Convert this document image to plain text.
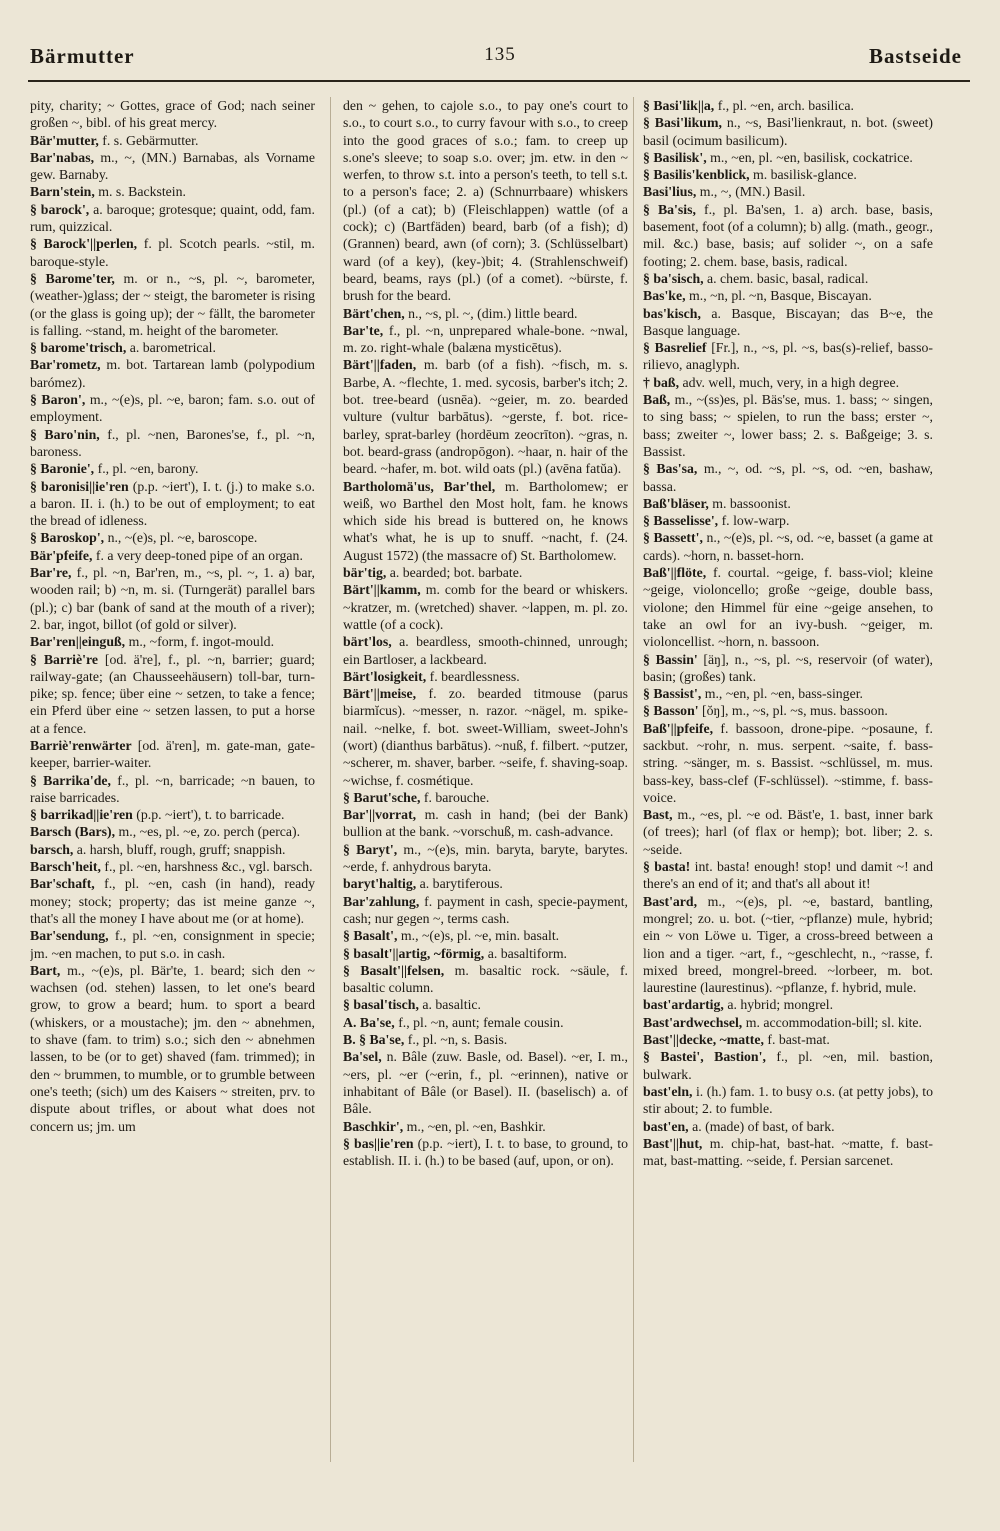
Bärmutter	135	Bastseide

pity, charity; ~ Gottes, grace of God; nach seiner großen ~, bibl. of his great mercy.

Bär'mutter, f. s. Gebärmutter.

Bar'nabas, m., ~, (MN.) Barnabas, als Vorname gew. Barnaby.

Barn'stein, m. s. Backstein.

§ barock', a. baroque; grotesque; quaint, odd, fam. rum, quizzical.

§ Barock'||perlen, f. pl. Scotch pearls. ~stil, m. baroque-style.

§ Barome'ter, m. or n., ~s, pl. ~, barometer, (weather-)glass; der ~ steigt, the barometer is rising (or the glass is going up); der ~ fällt, the barometer is falling. ~stand, m. height of the barometer.

§ barome'trisch, a. barometrical.

Bar'rometz, m. bot. Tartarean lamb (polypodium barómez).

§ Baron', m., ~(e)s, pl. ~e, baron; fam. s.o. out of employment.

§ Baro'nin, f., pl. ~nen, Barones'se, f., pl. ~n, baroness.

§ Baronie', f., pl. ~en, barony.

§ baronisi||ie'ren (p.p. ~iert'), I. t. (j.) to make s.o. a baron. II. i. (h.) to be out of employment; to eat the bread of idleness.

§ Baroskop', n., ~(e)s, pl. ~e, baroscope.

Bär'pfeife, f. a very deep-toned pipe of an organ.

Bar're, f., pl. ~n, Bar'ren, m., ~s, pl. ~, 1. a) bar, wooden rail; b) ~n, m. si. (Turngerät) parallel bars (pl.); c) bar (bank of sand at the mouth of a river); 2. bar, ingot, billot (of gold or silver).

Bar'ren||einguß, m., ~form, f. ingot-mould.

§ Barriè're [od. ä're], f., pl. ~n, barrier; guard; railway-gate; (an Chausseehäusern) toll-bar, turn-pike; sp. fence; über eine ~ setzen, to take a fence; ein Pferd über eine ~ setzen lassen, to put a horse at a fence.

Barriè'renwärter [od. ä'ren], m. gate-man, gate-keeper, barrier-waiter.

§ Barrika'de, f., pl. ~n, barricade; ~n bauen, to raise barricades.

§ barrikad||ie'ren (p.p. ~iert'), t. to barricade.

Barsch (Bars), m., ~es, pl. ~e, zo. perch (perca).

barsch, a. harsh, bluff, rough, gruff; snappish.

Barsch'heit, f., pl. ~en, harshness &c., vgl. barsch.

Bar'schaft, f., pl. ~en, cash (in hand), ready money; stock; property; das ist meine ganze ~, that's all the money I have about me (or at home).

Bar'sendung, f., pl. ~en, consignment in specie; jm. ~en machen, to put s.o. in cash.

Bart, m., ~(e)s, pl. Bär'te, 1. beard; sich den ~ wachsen (od. stehen) lassen, to let one's beard grow, to grow a beard; hum. to sport a beard (whiskers, or a moustache); jm. den ~ abnehmen, to shave (fam. to trim) s.o.; sich den ~ abnehmen lassen, to be (or to get) shaved (fam. trimmed); in den ~ brummen, to mumble, or to grumble between one's teeth; (sich) um des Kaisers ~ streiten, prv. to dispute about trifles, or about what does not concern us; jm. um

den ~ gehen, to cajole s.o., to pay one's court to s.o., to court s.o., to curry favour with s.o., to creep into the good graces of s.o.; fam. to creep up s.one's sleeve; to soap s.o. over; jm. etw. in den ~ werfen, to throw s.t. into a person's teeth, to tell s.t. to a person's face; 2. a) (Schnurrbaare) whiskers (pl.) (of a cat); b) (Fleischlappen) wattle (of a cock); c) (Bartfäden) beard, barb (of a fish); d) (Grannen) beard, awn (of corn); 3. (Schlüsselbart) ward (of a key), (key-)bit; 4. (Strahlenschweif) beard, beams, rays (pl.) (of a comet). ~bürste, f. brush for the beard.

Bärt'chen, n., ~s, pl. ~, (dim.) little beard.

Bar'te, f., pl. ~n, unprepared whale-bone. ~nwal, m. zo. right-whale (balæna mysticētus).

Bärt'||faden, m. barb (of a fish). ~fisch, m. s. Barbe, A. ~flechte, 1. med. sycosis, barber's itch; 2. bot. tree-beard (usnēa). ~geier, m. zo. bearded vulture (vultur barbātus). ~gerste, f. bot. rice-barley, sprat-barley (hordēum zeocrīton). ~gras, n. bot. beard-grass (andropōgon). ~haar, n. hair of the beard. ~hafer, m. bot. wild oats (pl.) (avēna fatŭa).

Bartholomä'us, Bar'thel, m. Bartholomew; er weiß, wo Barthel den Most holt, fam. he knows which side his bread is buttered on, he knows what's what, he is up to snuff. ~nacht, f. (24. August 1572) (the massacre of) St. Bartholomew.

bär'tig, a. bearded; bot. barbate.

Bärt'||kamm, m. comb for the beard or whiskers. ~kratzer, m. (wretched) shaver. ~lappen, m. pl. zo. wattle (of a cock).

bärt'los, a. beardless, smooth-chinned, unrough; ein Bartloser, a lackbeard.

Bärt'losigkeit, f. beardlessness.

Bärt'||meise, f. zo. bearded titmouse (parus biarmĭcus). ~messer, n. razor. ~nägel, m. spike-nail. ~nelke, f. bot. sweet-William, sweet-John's (wort) (dianthus barbātus). ~nuß, f. filbert. ~putzer, ~scherer, m. shaver, barber. ~seife, f. shaving-soap. ~wichse, f. cosmétique.

§ Barut'sche, f. barouche.

Bar'||vorrat, m. cash in hand; (bei der Bank) bullion at the bank. ~vorschuß, m. cash-advance.

§ Baryt', m., ~(e)s, min. baryta, baryte, barytes. ~erde, f. anhydrous baryta.

baryt'haltig, a. barytiferous.

Bar'zahlung, f. payment in cash, specie-payment, cash; nur gegen ~, terms cash.

§ Basalt', m., ~(e)s, pl. ~e, min. basalt.

§ basalt'||artig, ~förmig, a. basaltiform.

§ Basalt'||felsen, m. basaltic rock. ~säule, f. basaltic column.

§ basal'tisch, a. basaltic.

A. Ba'se, f., pl. ~n, aunt; female cousin.

B. § Ba'se, f., pl. ~n, s. Basis.

Ba'sel, n. Bâle (zuw. Basle, od. Basel). ~er, I. m., ~ers, pl. ~er (~erin, f., pl. ~erinnen), native or inhabitant of Bâle (or Basel). II. (baselisch) a. of Bâle.

Baschkir', m., ~en, pl. ~en, Bashkir.

§ bas||ie'ren (p.p. ~iert), I. t. to base, to ground, to establish. II. i. (h.) to be based (auf, upon, or on).

§ Basi'lik||a, f., pl. ~en, arch. basilica.

§ Basi'likum, n., ~s, Basi'lienkraut, n. bot. (sweet) basil (ocimum basilicum).

§ Basilisk', m., ~en, pl. ~en, basilisk, cockatrice.

§ Basilis'kenblick, m. basilisk-glance.

Basi'lius, m., ~, (MN.) Basil.

§ Ba'sis, f., pl. Ba'sen, 1. a) arch. base, basis, basement, foot (of a column); b) allg. (math., geogr., mil. &c.) base, basis; auf solider ~, on a safe footing; 2. chem. base, basis, radical.

§ ba'sisch, a. chem. basic, basal, radical.

Bas'ke, m., ~n, pl. ~n, Basque, Biscayan.

bas'kisch, a. Basque, Biscayan; das B~e, the Basque language.

§ Basrelief [Fr.], n., ~s, pl. ~s, bas(s)-relief, basso-rilievo, anaglyph.

† baß, adv. well, much, very, in a high degree.

Baß, m., ~(ss)es, pl. Bäs'se, mus. 1. bass; ~ singen, to sing bass; ~ spielen, to run the bass; erster ~, bass; zweiter ~, lower bass; 2. s. Baßgeige; 3. s. Bassist.

§ Bas'sa, m., ~, od. ~s, pl. ~s, od. ~en, bashaw, bassa.

Baß'bläser, m. bassoonist.

§ Basselisse', f. low-warp.

§ Bassett', n., ~(e)s, pl. ~s, od. ~e, basset (a game at cards). ~horn, n. basset-horn.

Baß'||flöte, f. courtal. ~geige, f. bass-viol; kleine ~geige, violoncello; große ~geige, double bass, violone; den Himmel für eine ~geige ansehen, to take an owl for an ivy-bush. ~geiger, m. violoncellist. ~horn, n. bassoon.

§ Bassin' [äŋ], n., ~s, pl. ~s, reservoir (of water), basin; (großes) tank.

§ Bassist', m., ~en, pl. ~en, bass-singer.

§ Basson' [ŏŋ], m., ~s, pl. ~s, mus. bassoon.

Baß'||pfeife, f. bassoon, drone-pipe. ~posaune, f. sackbut. ~rohr, n. mus. serpent. ~saite, f. bass-string. ~sänger, m. s. Bassist. ~schlüssel, m. mus. bass-key, bass-clef (F-schlüssel). ~stimme, f. bass-voice.

Bast, m., ~es, pl. ~e od. Bäst'e, 1. bast, inner bark (of trees); harl (of flax or hemp); bot. liber; 2. s. ~seide.

§ basta! int. basta! enough! stop! und damit ~! and there's an end of it; and that's all about it!

Bast'ard, m., ~(e)s, pl. ~e, bastard, bantling, mongrel; zo. u. bot. (~tier, ~pflanze) mule, hybrid; ein ~ von Löwe u. Tiger, a cross-breed between a lion and a tiger. ~art, f., ~geschlecht, n., ~rasse, f. mixed breed, mongrel-breed. ~lorbeer, m. bot. laurestine (laurestinus). ~pflanze, f. hybrid, mule.

bast'ardartig, a. hybrid; mongrel.

Bast'ardwechsel, m. accommodation-bill; sl. kite.

Bast'||decke, ~matte, f. bast-mat.

§ Bastei', Bastion', f., pl. ~en, mil. bastion, bulwark.

bast'eln, i. (h.) fam. 1. to busy o.s. (at petty jobs), to stir about; 2. to fumble.

bast'en, a. (made) of bast, of bark.

Bast'||hut, m. chip-hat, bast-hat. ~matte, f. bast-mat, bast-matting. ~seide, f. Persian sarcenet.
